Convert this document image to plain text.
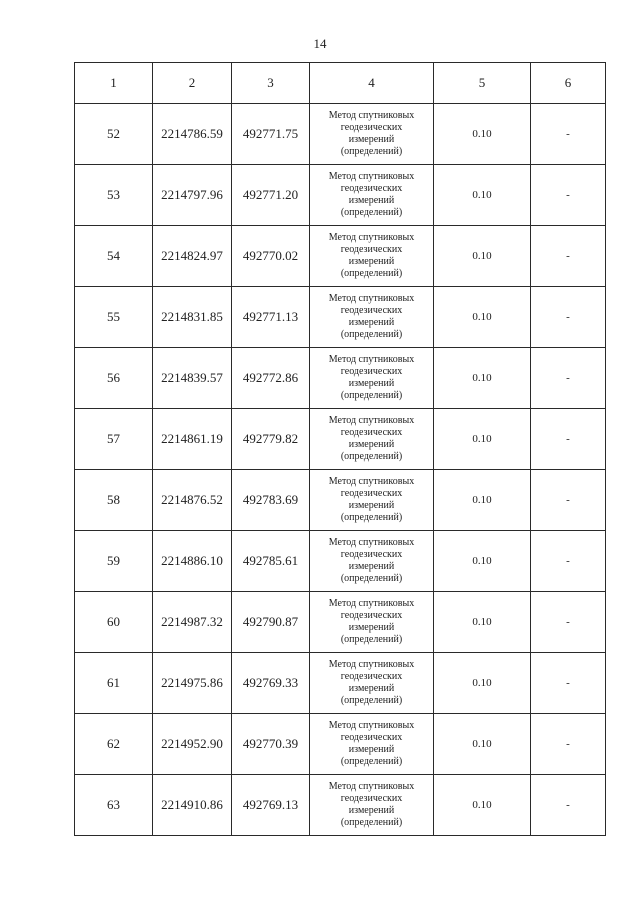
14
1	2	3	4	5	6
52	2214786.59	492771.75	Метод спутниковых
геодезических
измерений
(определений)	0.10	-
53	2214797.96	492771.20	Метод спутниковых
геодезических
измерений
(определений)	0.10	-
54	2214824.97	492770.02	Метод спутниковых
геодезических
измерений
(определений)	0.10	-
55	2214831.85	492771.13	Метод спутниковых
геодезических
измерений
(определений)	0.10	-
56	2214839.57	492772.86	Метод спутниковых
геодезических
измерений
(определений)	0.10	-
57	2214861.19	492779.82	Метод спутниковых
геодезических
измерений
(определений)	0.10	-
58	2214876.52	492783.69	Метод спутниковых
геодезических
измерений
(определений)	0.10	-
59	2214886.10	492785.61	Метод спутниковых
геодезических
измерений
(определений)	0.10	-
60	2214987.32	492790.87	Метод спутниковых
геодезических
измерений
(определений)	0.10	-
61	2214975.86	492769.33	Метод спутниковых
геодезических
измерений
(определений)	0.10	-
62	2214952.90	492770.39	Метод спутниковых
геодезических
измерений
(определений)	0.10	-
63	2214910.86	492769.13	Метод спутниковых
геодезических
измерений
(определений)	0.10	-
